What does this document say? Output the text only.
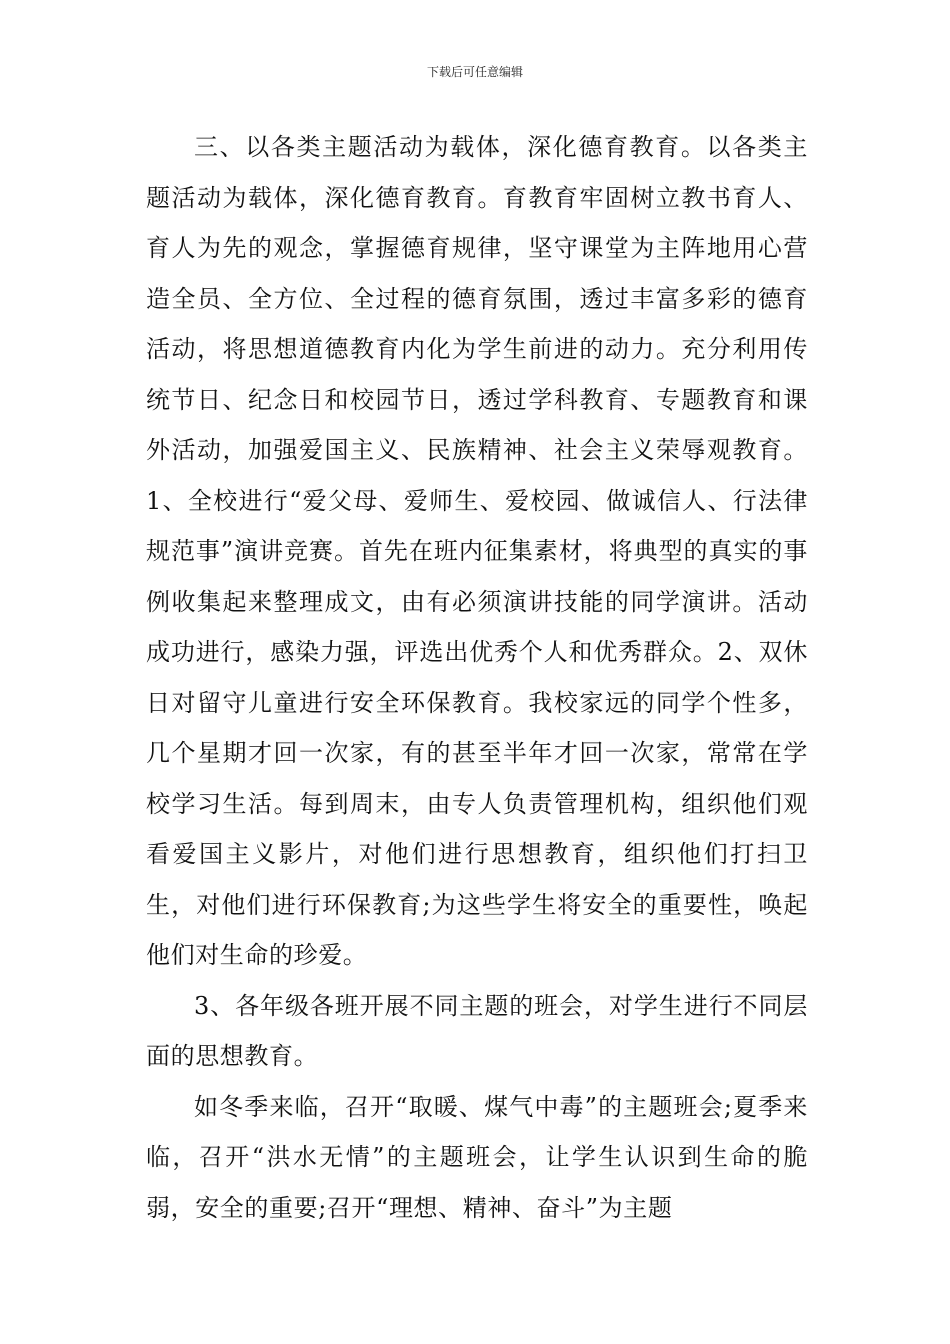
下载后可任意编辑

三、以各类主题活动为载体，深化德育教育。以各类主题活动为载体，深化德育教育。育教育牢固树立教书育人、育人为先的观念，掌握德育规律，坚守课堂为主阵地用心营造全员、全方位、全过程的德育氛围，透过丰富多彩的德育活动，将思想道德教育内化为学生前进的动力。充分利用传统节日、纪念日和校园节日，透过学科教育、专题教育和课外活动，加强爱国主义、民族精神、社会主义荣辱观教育。1、全校进行“爱父母、爱师生、爱校园、做诚信人、行法律规范事”演讲竞赛。首先在班内征集素材，将典型的真实的事例收集起来整理成文，由有必须演讲技能的同学演讲。活动成功进行，感染力强，评选出优秀个人和优秀群众。2、双休日对留守儿童进行安全环保教育。我校家远的同学个性多，几个星期才回一次家，有的甚至半年才回一次家，常常在学校学习生活。每到周末，由专人负责管理机构，组织他们观看爱国主义影片，对他们进行思想教育，组织他们打扫卫生，对他们进行环保教育;为这些学生将安全的重要性，唤起他们对生命的珍爱。

3、各年级各班开展不同主题的班会，对学生进行不同层面的思想教育。

如冬季来临，召开“取暖、煤气中毒”的主题班会;夏季来临，召开“洪水无情”的主题班会，让学生认识到生命的脆弱，安全的重要;召开“理想、精神、奋斗”为主题
